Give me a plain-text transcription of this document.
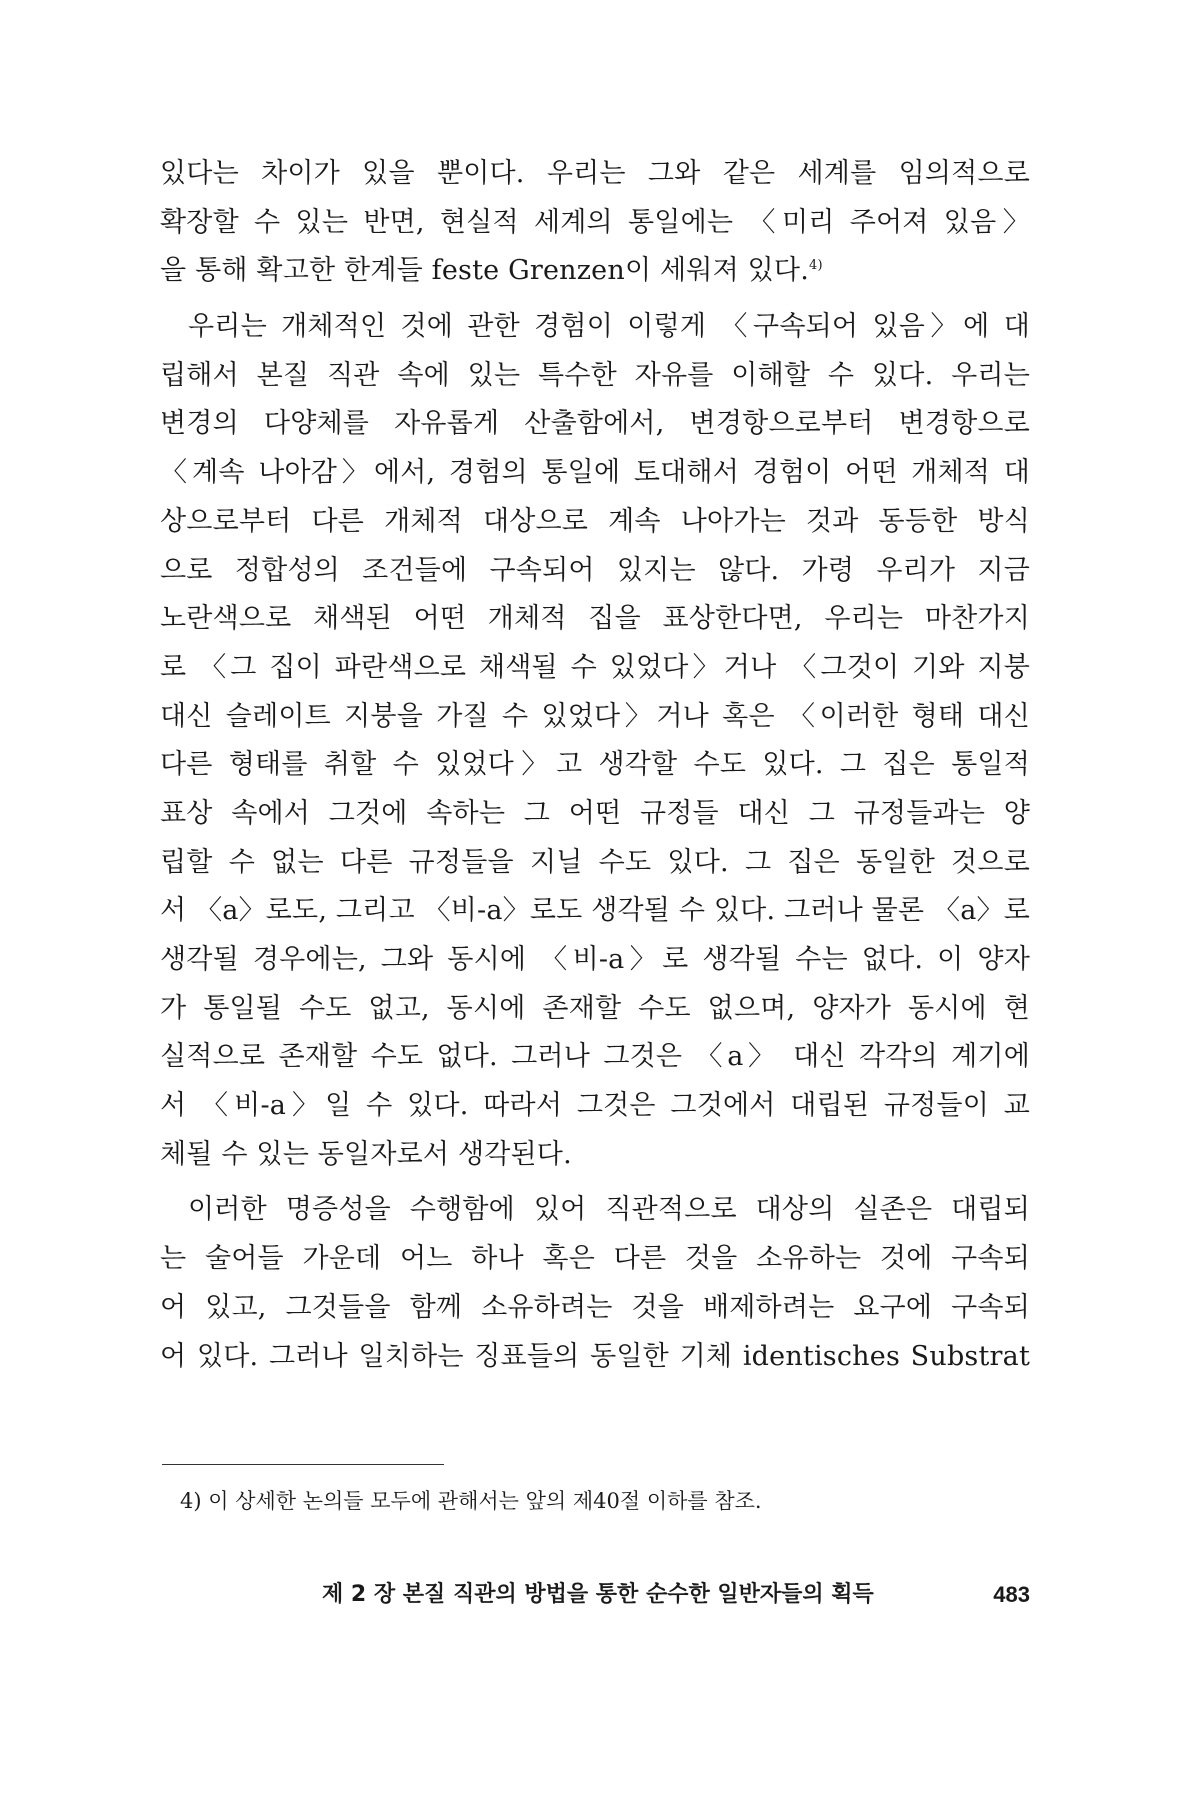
있다는 차이가 있을 뿐이다. 우리는 그와 같은 세계를 임의적으로
확장할 수 있는 반면, 현실적 세계의 통일에는 〈미리 주어져 있음〉
을 통해 확고한 한계들 feste Grenzen이 세워져 있다.$^{4)}$
우리는 개체적인 것에 관한 경험이 이렇게 〈구속되어 있음〉에 대
립해서 본질 직관 속에 있는 특수한 자유를 이해할 수 있다. 우리는
변경의 다양체를 자유롭게 산출함에서, 변경항으로부터 변경항으로
〈계속 나아감〉에서, 경험의 통일에 토대해서 경험이 어떤 개체적 대
상으로부터 다른 개체적 대상으로 계속 나아가는 것과 동등한 방식
으로 정합성의 조건들에 구속되어 있지는 않다. 가령 우리가 지금
노란색으로 채색된 어떤 개체적 집을 표상한다면, 우리는 마찬가지
로 〈그 집이 파란색으로 채색될 수 있었다〉거나 〈그것이 기와 지붕
대신 슬레이트 지붕을 가질 수 있었다〉거나 혹은 〈이러한 형태 대신
다른 형태를 취할 수 있었다〉고 생각할 수도 있다. 그 집은 통일적
표상 속에서 그것에 속하는 그 어떤 규정들 대신 그 규정들과는 양
립할 수 없는 다른 규정들을 지닐 수도 있다. 그 집은 동일한 것으로
서 〈a〉로도, 그리고 〈비-a〉로도 생각될 수 있다. 그러나 물론 〈a〉로
생각될 경우에는, 그와 동시에 〈비-a〉로 생각될 수는 없다. 이 양자
가 통일될 수도 없고, 동시에 존재할 수도 없으며, 양자가 동시에 현
실적으로 존재할 수도 없다. 그러나 그것은 〈a〉 대신 각각의 계기에
서 〈비-a〉일 수 있다. 따라서 그것은 그것에서 대립된 규정들이 교
체될 수 있는 동일자로서 생각된다.
이러한 명증성을 수행함에 있어 직관적으로 대상의 실존은 대립되
는 술어들 가운데 어느 하나 혹은 다른 것을 소유하는 것에 구속되
어 있고, 그것들을 함께 소유하려는 것을 배제하려는 요구에 구속되
어 있다. 그러나 일치하는 징표들의 동일한 기체 identisches Substrat
4) 이 상세한 논의들 모두에 관해서는 앞의 제40절 이하를 참조.
제 2 장 본질 직관의 방법을 통한 순수한 일반자들의 획득	483
